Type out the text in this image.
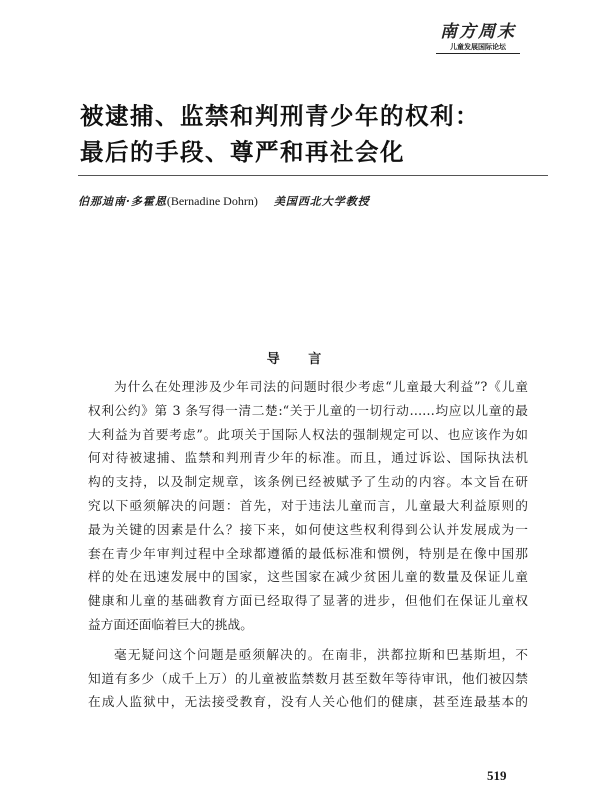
南方周末
儿童发展国际论坛
被逮捕、监禁和判刑青少年的权利：
最后的手段、尊严和再社会化
伯那迪南·多霍恩(Bernadine Dohrn) 美国西北大学教授
导 言
为什么在处理涉及少年司法的问题时很少考虑“儿童最大利益”?《儿童
权利公约》第 3 条写得一清二楚:“关于儿童的一切行动……均应以儿童的最
大利益为首要考虑”。此项关于国际人权法的强制规定可以、也应该作为如
何对待被逮捕、监禁和判刑青少年的标准。而且，通过诉讼、国际执法机
构的支持，以及制定规章，该条例已经被赋予了生动的内容。本文旨在研
究以下亟须解决的问题：首先，对于违法儿童而言，儿童最大利益原则的
最为关键的因素是什么？接下来，如何使这些权利得到公认并发展成为一
套在青少年审判过程中全球都遵循的最低标准和惯例，特别是在像中国那
样的处在迅速发展中的国家，这些国家在减少贫困儿童的数量及保证儿童
健康和儿童的基础教育方面已经取得了显著的进步，但他们在保证儿童权
益方面还面临着巨大的挑战。
毫无疑问这个问题是亟须解决的。在南非，洪都拉斯和巴基斯坦，不
知道有多少（成千上万）的儿童被监禁数月甚至数年等待审讯，他们被囚禁
在成人监狱中，无法接受教育，没有人关心他们的健康，甚至连最基本的
519
